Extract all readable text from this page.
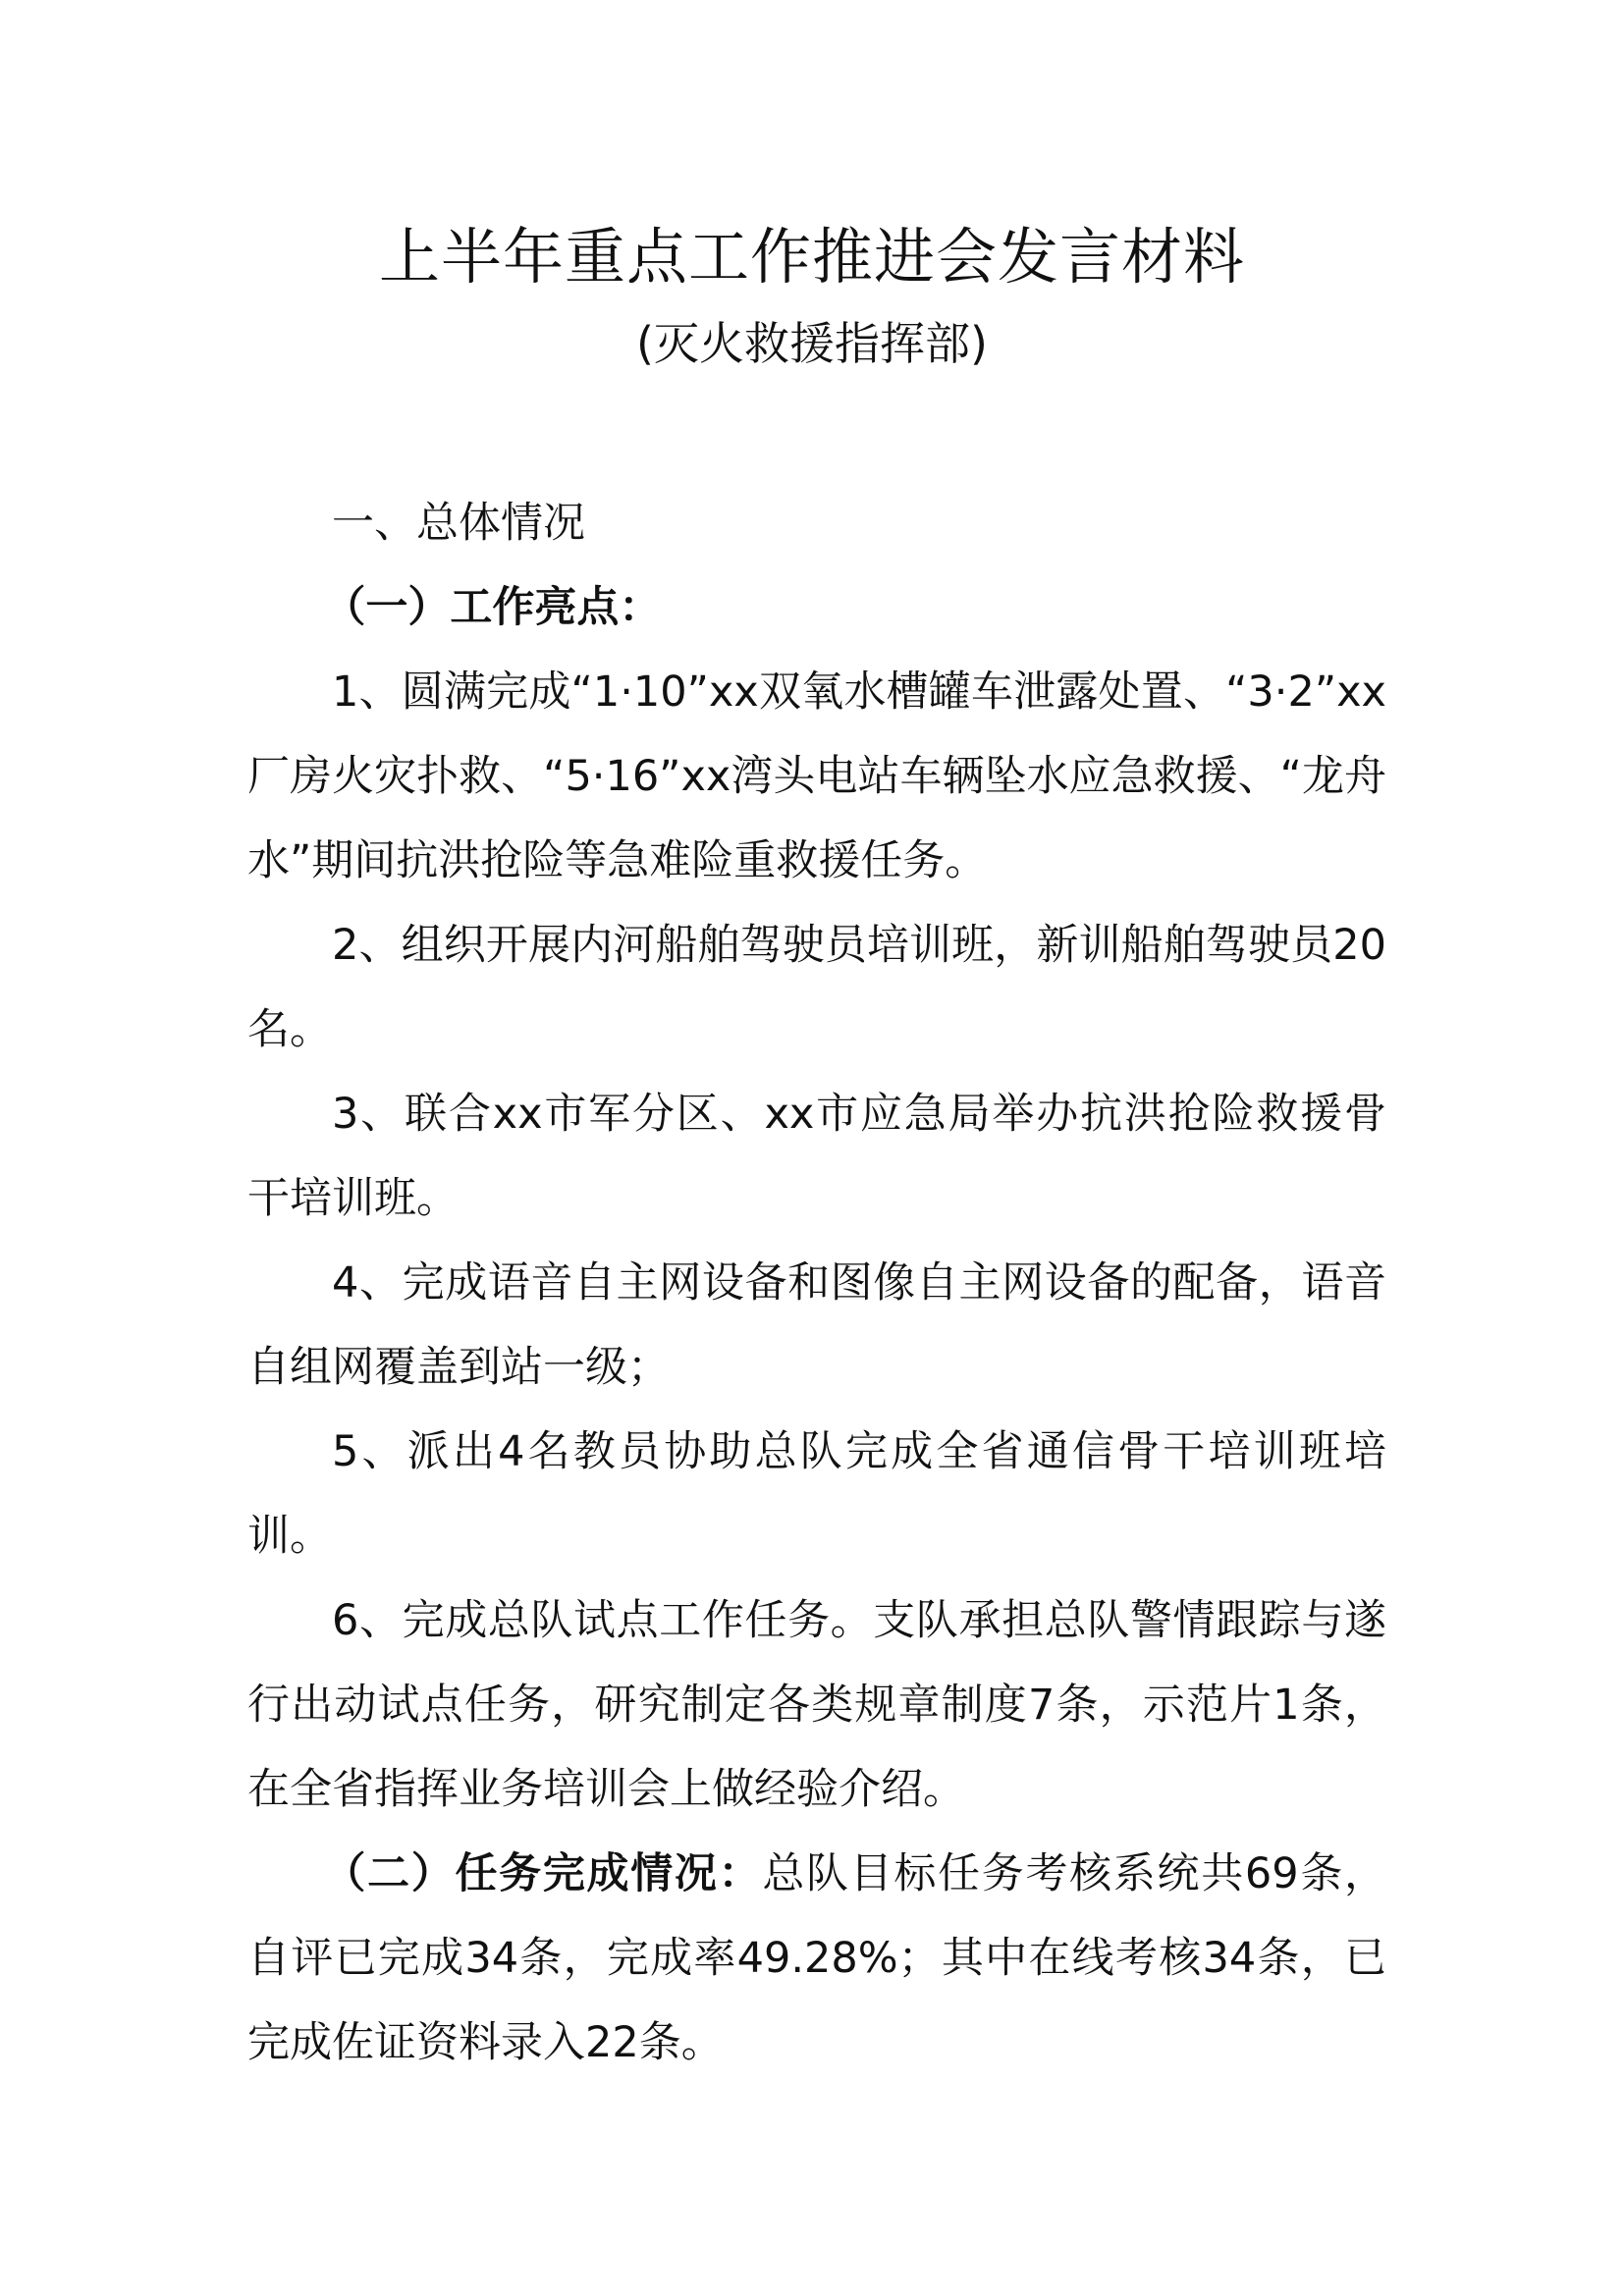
上半年重点工作推进会发言材料
(灭火救援指挥部)

一、总体情况

（一）工作亮点：

1、圆满完成“1·10”xx双氧水槽罐车泄露处置、“3·2”xx厂房火灾扑救、“5·16”xx湾头电站车辆坠水应急救援、“龙舟水”期间抗洪抢险等急难险重救援任务。

2、组织开展内河船舶驾驶员培训班，新训船舶驾驶员20名。

3、联合xx市军分区、xx市应急局举办抗洪抢险救援骨干培训班。

4、完成语音自主网设备和图像自主网设备的配备，语音自组网覆盖到站一级；

5、派出4名教员协助总队完成全省通信骨干培训班培训。

6、完成总队试点工作任务。支队承担总队警情跟踪与遂行出动试点任务，研究制定各类规章制度7条，示范片1条，在全省指挥业务培训会上做经验介绍。

（二）任务完成情况：总队目标任务考核系统共69条，自评已完成34条，完成率49.28%；其中在线考核34条，已完成佐证资料录入22条。
